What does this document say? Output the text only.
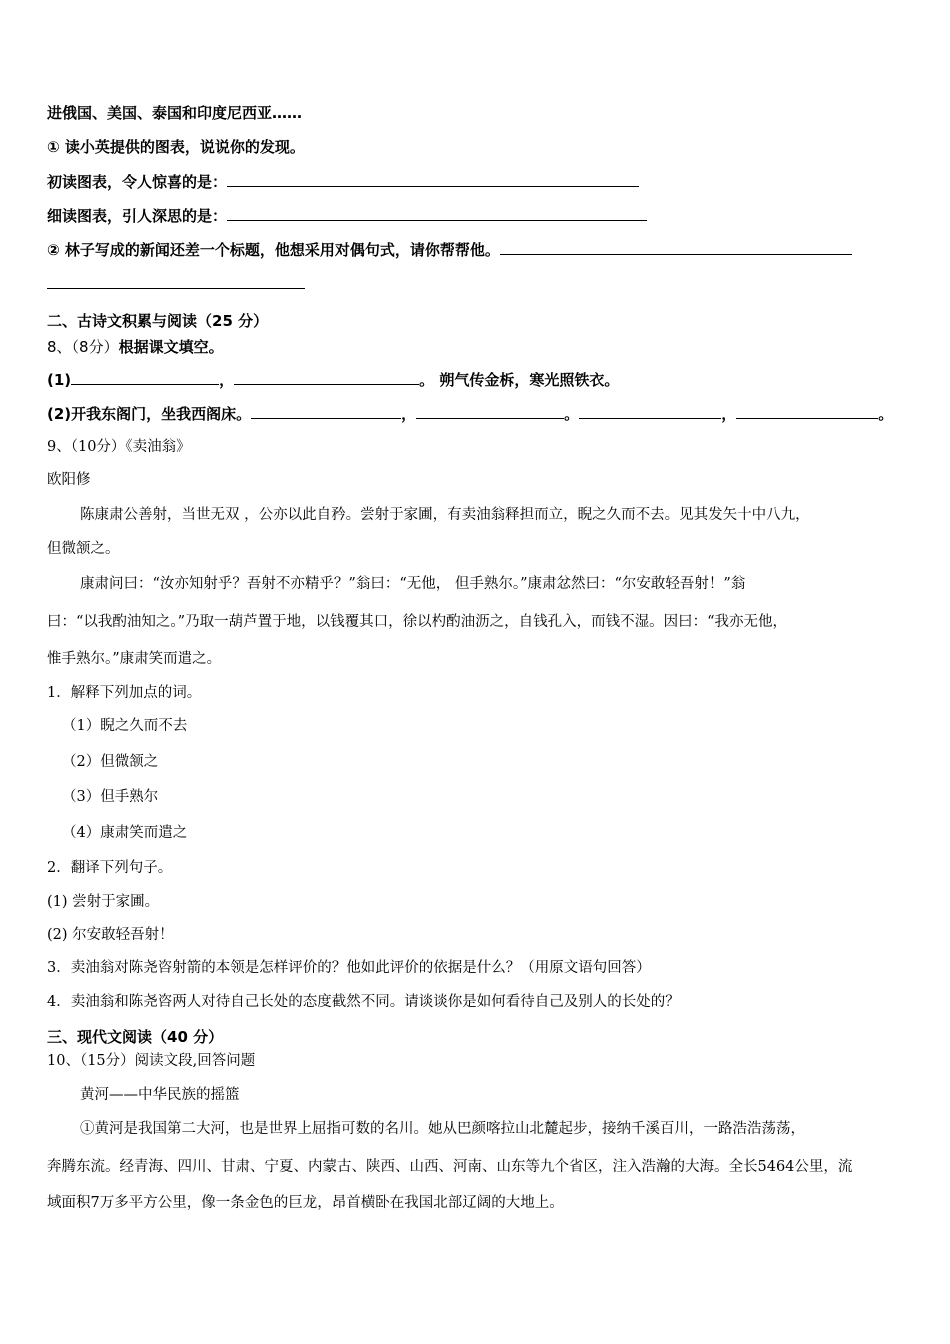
进俄国、美国、泰国和印度尼西亚……
① 读小英提供的图表，说说你的发现。
初读图表，令人惊喜的是：
细读图表，引人深思的是：
② 林子写成的新闻还差一个标题，他想采用对偶句式，请你帮帮他。
二、古诗文积累与阅读（25 分）
8、（8分）根据课文填空。
(1)	，	。 朔气传金柝，寒光照铁衣。
(2)开我东阁门，坐我西阁床。	，	。	，	。
9、（10分）《卖油翁》
欧阳修
陈康肃公善射，当世无双 ，公亦以此自矜。尝射于家圃，有卖油翁释担而立，睨之久而不去。见其发矢十中八九，
但微颔之。
康肃问曰：“汝亦知射乎？吾射不亦精乎？”翁曰：“无他， 但手熟尔。”康肃忿然曰：“尔安敢轻吾射！”翁
曰：“以我酌油知之。”乃取一葫芦置于地，以钱覆其口，徐以杓酌油沥之，自钱孔入，而钱不湿。因曰：“我亦无他，
惟手熟尔。”康肃笑而遣之。
1．解释下列加点的词。
（1）睨之久而不去
（2）但微颔之
（3）但手熟尔
（4）康肃笑而遣之
2．翻译下列句子。
(1) 尝射于家圃。
(2) 尔安敢轻吾射！
3．卖油翁对陈尧咨射箭的本领是怎样评价的？他如此评价的依据是什么？（用原文语句回答）
4．卖油翁和陈尧咨两人对待自己长处的态度截然不同。请谈谈你是如何看待自己及别人的长处的？
三、现代文阅读（40 分）
10、（15分）阅读文段,回答问题
黄河——中华民族的摇篮
①黄河是我国第二大河，也是世界上屈指可数的名川。她从巴颜喀拉山北麓起步，接纳千溪百川，一路浩浩荡荡，
奔腾东流。经青海、四川、甘肃、宁夏、内蒙古、陕西、山西、河南、山东等九个省区，注入浩瀚的大海。全长5464公里，流
域面积7万多平方公里，像一条金色的巨龙，昂首横卧在我国北部辽阔的大地上。
